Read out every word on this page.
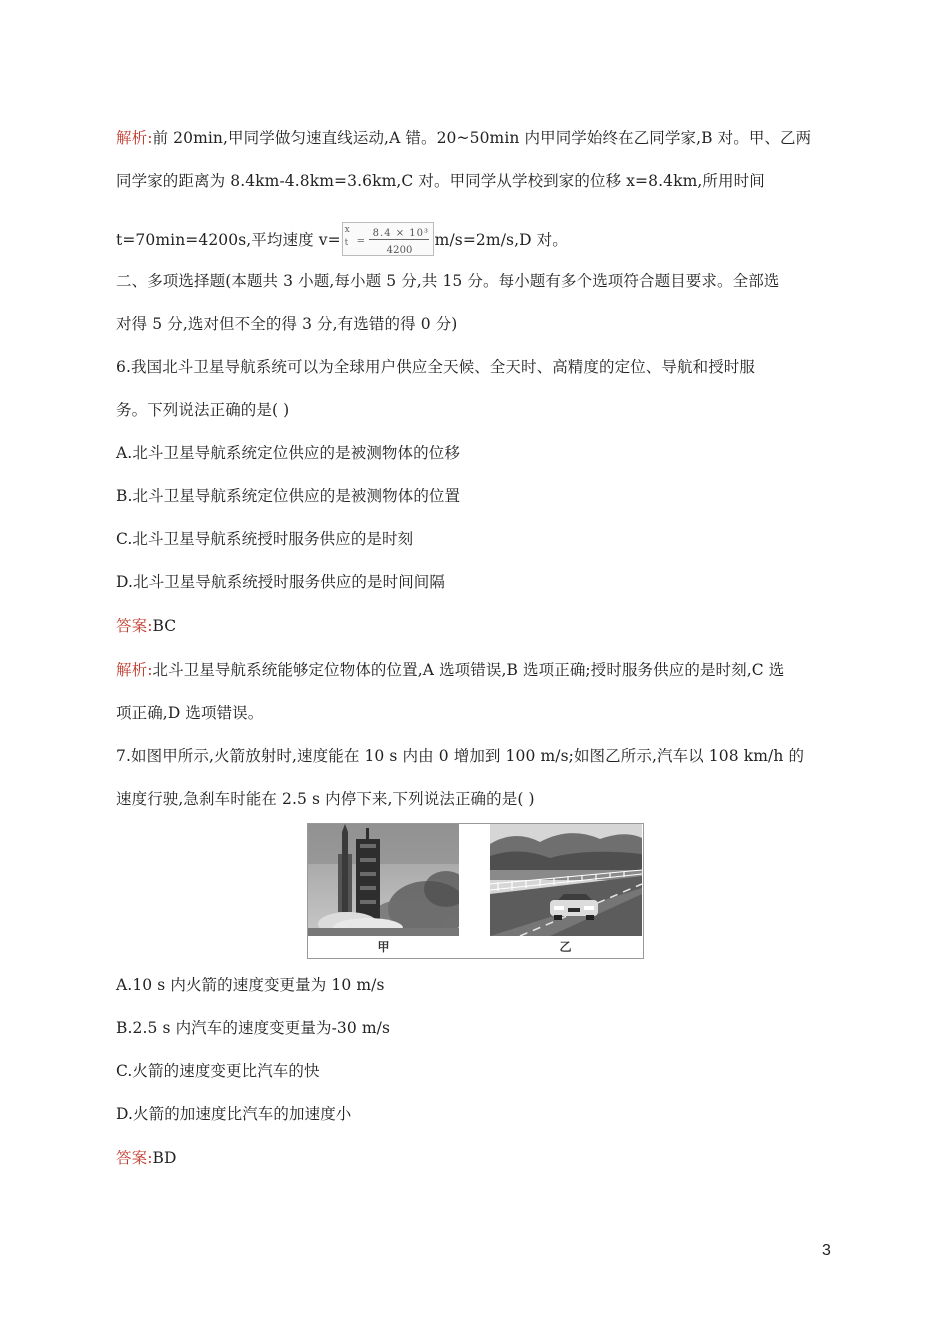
解析:前 20min,甲同学做匀速直线运动,A 错。20~50min 内甲同学始终在乙同学家,B 对。甲、乙两
同学家的距离为 8.4km-4.8km=3.6km,C 对。甲同学从学校到家的位移 x=8.4km,所用时间
t=70min=4200s,平均速度 v=
x
t =
8.4 × 10³
4200
m/s=2m/s,D 对。
二、多项选择题(本题共 3 小题,每小题 5 分,共 15 分。每小题有多个选项符合题目要求。全部选
对得 5 分,选对但不全的得 3 分,有选错的得 0 分)
6.我国北斗卫星导航系统可以为全球用户供应全天候、全天时、高精度的定位、导航和授时服
务。下列说法正确的是( )
A.北斗卫星导航系统定位供应的是被测物体的位移
B.北斗卫星导航系统定位供应的是被测物体的位置
C.北斗卫星导航系统授时服务供应的是时刻
D.北斗卫星导航系统授时服务供应的是时间间隔
答案:BC
解析:北斗卫星导航系统能够定位物体的位置,A 选项错误,B 选项正确;授时服务供应的是时刻,C 选
项正确,D 选项错误。
7.如图甲所示,火箭放射时,速度能在 10 s 内由 0 增加到 100 m/s;如图乙所示,汽车以 108 km/h 的
速度行驶,急刹车时能在 2.5 s 内停下来,下列说法正确的是( )
甲	乙
A.10 s 内火箭的速度变更量为 10 m/s
B.2.5 s 内汽车的速度变更量为-30 m/s
C.火箭的速度变更比汽车的快
D.火箭的加速度比汽车的加速度小
答案:BD
3
